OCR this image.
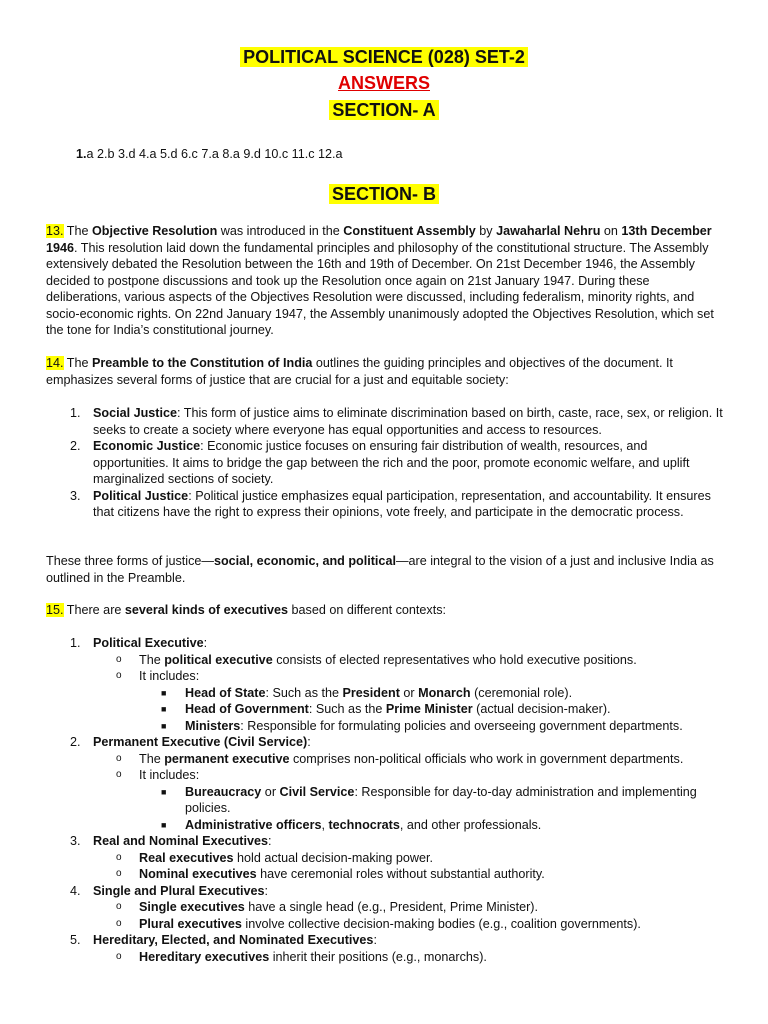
POLITICAL SCIENCE (028) SET-2
ANSWERS
SECTION- A
1.a 2.b 3.d 4.a 5.d 6.c 7.a 8.a 9.d 10.c 11.c 12.a
SECTION- B

13. The Objective Resolution was introduced in the Constituent Assembly by Jawaharlal Nehru on 13th December 1946. This resolution laid down the fundamental principles and philosophy of the constitutional structure. The Assembly extensively debated the Resolution between the 16th and 19th of December. On 21st December 1946, the Assembly decided to postpone discussions and took up the Resolution once again on 21st January 1947. During these deliberations, various aspects of the Objectives Resolution were discussed, including federalism, minority rights, and socio-economic rights. On 22nd January 1947, the Assembly unanimously adopted the Objectives Resolution, which set the tone for India’s constitutional journey.

14. The Preamble to the Constitution of India outlines the guiding principles and objectives of the document. It emphasizes several forms of justice that are crucial for a just and equitable society:

1. Social Justice: This form of justice aims to eliminate discrimination based on birth, caste, race, sex, or religion. It seeks to create a society where everyone has equal opportunities and access to resources.
2. Economic Justice: Economic justice focuses on ensuring fair distribution of wealth, resources, and opportunities. It aims to bridge the gap between the rich and the poor, promote economic welfare, and uplift marginalized sections of society.
3. Political Justice: Political justice emphasizes equal participation, representation, and accountability. It ensures that citizens have the right to express their opinions, vote freely, and participate in the democratic process.

These three forms of justice—social, economic, and political—are integral to the vision of a just and inclusive India as outlined in the Preamble.

15. There are several kinds of executives based on different contexts:

1. Political Executive:
o The political executive consists of elected representatives who hold executive positions.
o It includes:
■ Head of State: Such as the President or Monarch (ceremonial role).
■ Head of Government: Such as the Prime Minister (actual decision-maker).
■ Ministers: Responsible for formulating policies and overseeing government departments.
2. Permanent Executive (Civil Service):
o The permanent executive comprises non-political officials who work in government departments.
o It includes:
■ Bureaucracy or Civil Service: Responsible for day-to-day administration and implementing policies.
■ Administrative officers, technocrats, and other professionals.
3. Real and Nominal Executives:
o Real executives hold actual decision-making power.
o Nominal executives have ceremonial roles without substantial authority.
4. Single and Plural Executives:
o Single executives have a single head (e.g., President, Prime Minister).
o Plural executives involve collective decision-making bodies (e.g., coalition governments).
5. Hereditary, Elected, and Nominated Executives:
o Hereditary executives inherit their positions (e.g., monarchs).
